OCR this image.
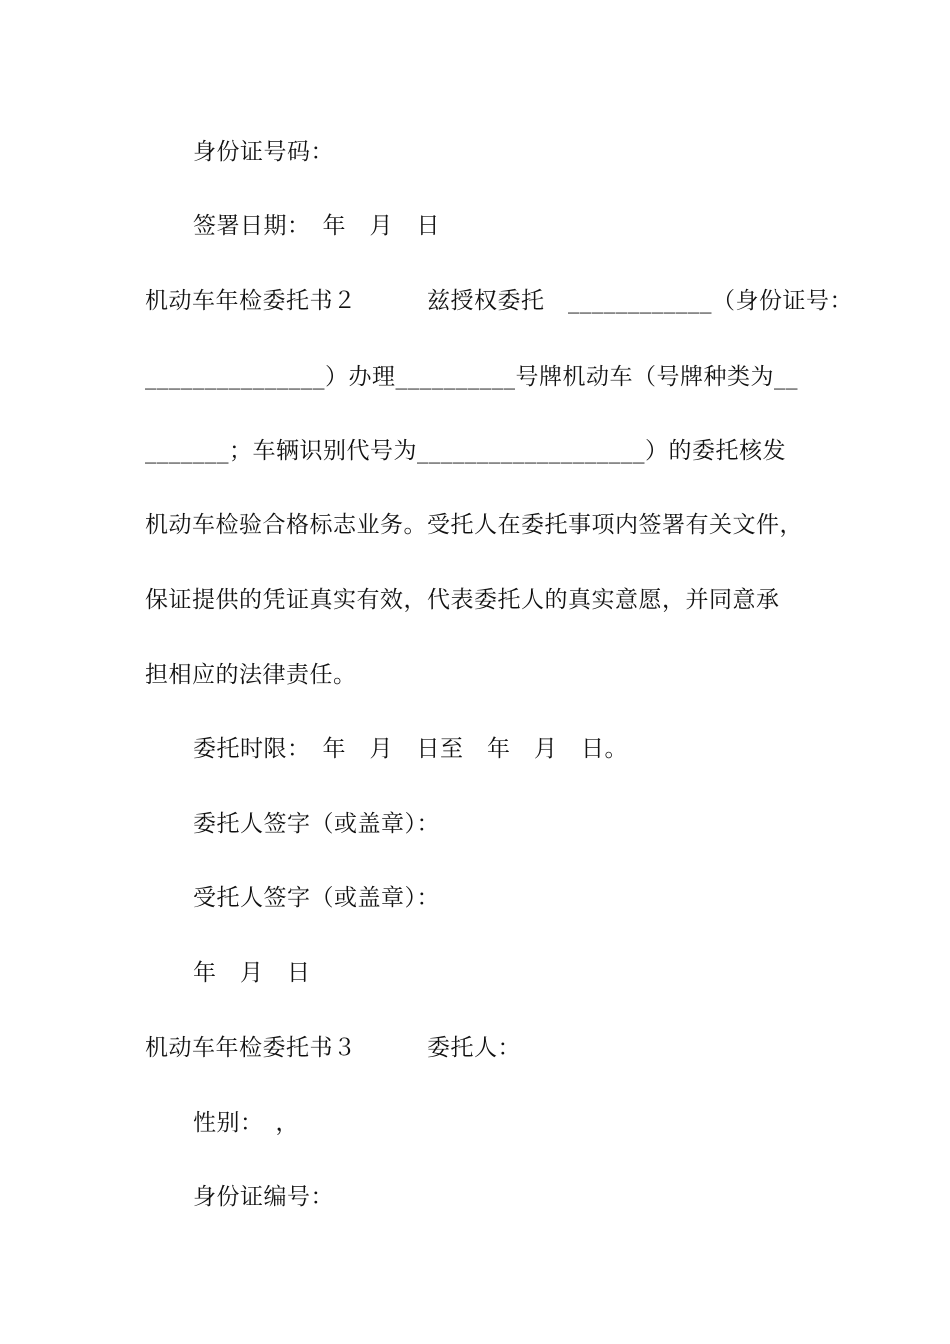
身份证号码：
签署日期：　年　月　日
机动车年检委托书２　　　兹授权委托　____________（身份证号：
_______________）办理__________号牌机动车（号牌种类为__
_______；车辆识别代号为___________________）的委托核发
机动车检验合格标志业务。受托人在委托事项内签署有关文件，
保证提供的凭证真实有效，代表委托人的真实意愿，并同意承
担相应的法律责任。
委托时限：　年　月　日至　年　月　日。
委托人签字（或盖章）：
受托人签字（或盖章）：
年　月　日
机动车年检委托书３　　　委托人：
性别：　，
身份证编号：
